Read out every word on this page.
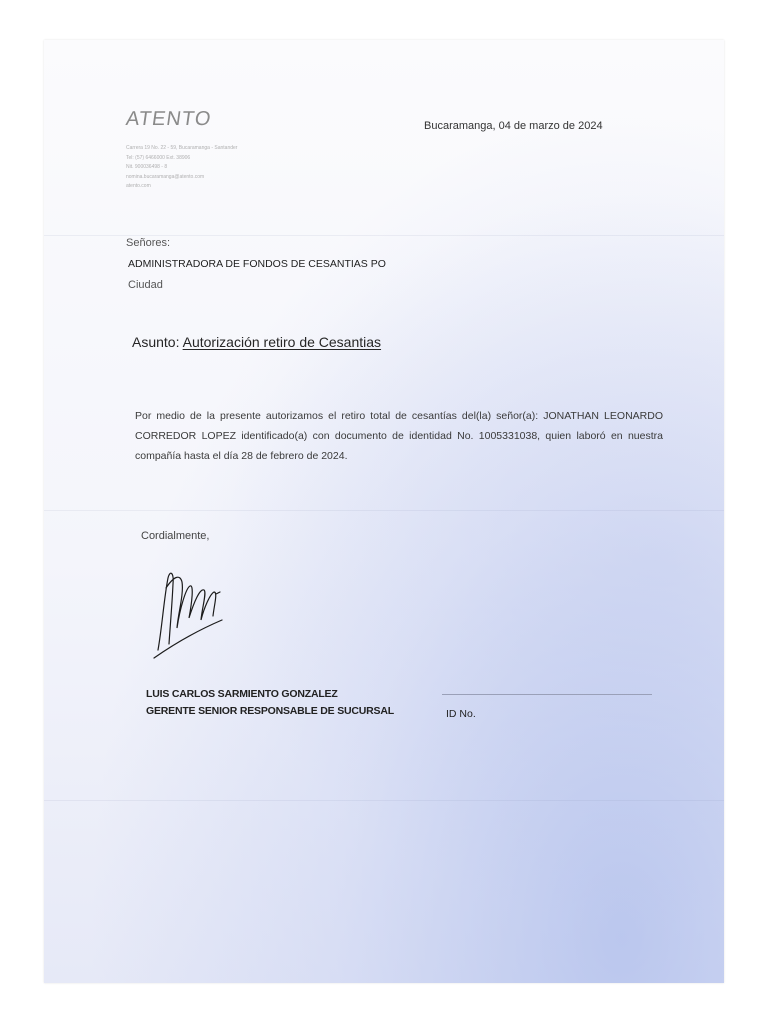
ATENTO
Carrera 19 No. 22 - 59, Bucaramanga - Santander
Tel: (57) 6466000 Ext. 38906
Nit. 900036498 - 8
nomina.bucaramanga@atento.com
atento.com
Bucaramanga, 04 de marzo de 2024
Señores:
ADMINISTRADORA DE FONDOS DE CESANTIAS PO
Ciudad
Asunto: Autorización retiro de Cesantias
Por medio de la presente autorizamos el retiro total de cesantías del(la) señor(a): JONATHAN LEONARDO CORREDOR LOPEZ identificado(a) con documento de identidad No. 1005331038, quien laboró en nuestra compañía hasta el día 28 de febrero de 2024.
Cordialmente,
LUIS CARLOS SARMIENTO GONZALEZ
GERENTE SENIOR RESPONSABLE DE SUCURSAL	ID No.
